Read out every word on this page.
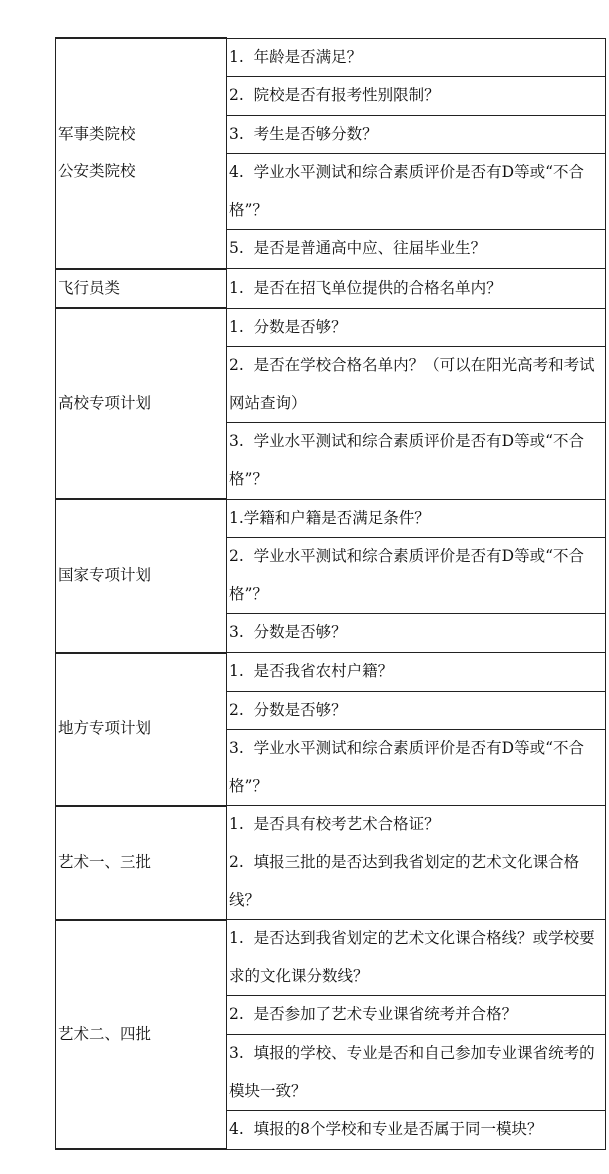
军事类院校
公安类院校	1. 年龄是否满足？
	2. 院校是否有报考性别限制？
	3. 考生是否够分数？
	4. 学业水平测试和综合素质评价是否有D等或“不合格”？
	5. 是否是普通高中应、往届毕业生？

飞行员类	1. 是否在招飞单位提供的合格名单内？

高校专项计划	1. 分数是否够？
	2. 是否在学校合格名单内？（可以在阳光高考和考试网站查询）
	3. 学业水平测试和综合素质评价是否有D等或“不合格”？

国家专项计划	1.学籍和户籍是否满足条件？
	2. 学业水平测试和综合素质评价是否有D等或“不合格”？
	3. 分数是否够？

地方专项计划	1. 是否我省农村户籍？
	2. 分数是否够？
	3. 学业水平测试和综合素质评价是否有D等或“不合格”？

艺术一、三批	1. 是否具有校考艺术合格证？
2. 填报三批的是否达到我省划定的艺术文化课合格线？

艺术二、四批	1. 是否达到我省划定的艺术文化课合格线？或学校要求的文化课分数线？
	2. 是否参加了艺术专业课省统考并合格？
	3. 填报的学校、专业是否和自己参加专业课省统考的模块一致？
	4. 填报的8个学校和专业是否属于同一模块？
